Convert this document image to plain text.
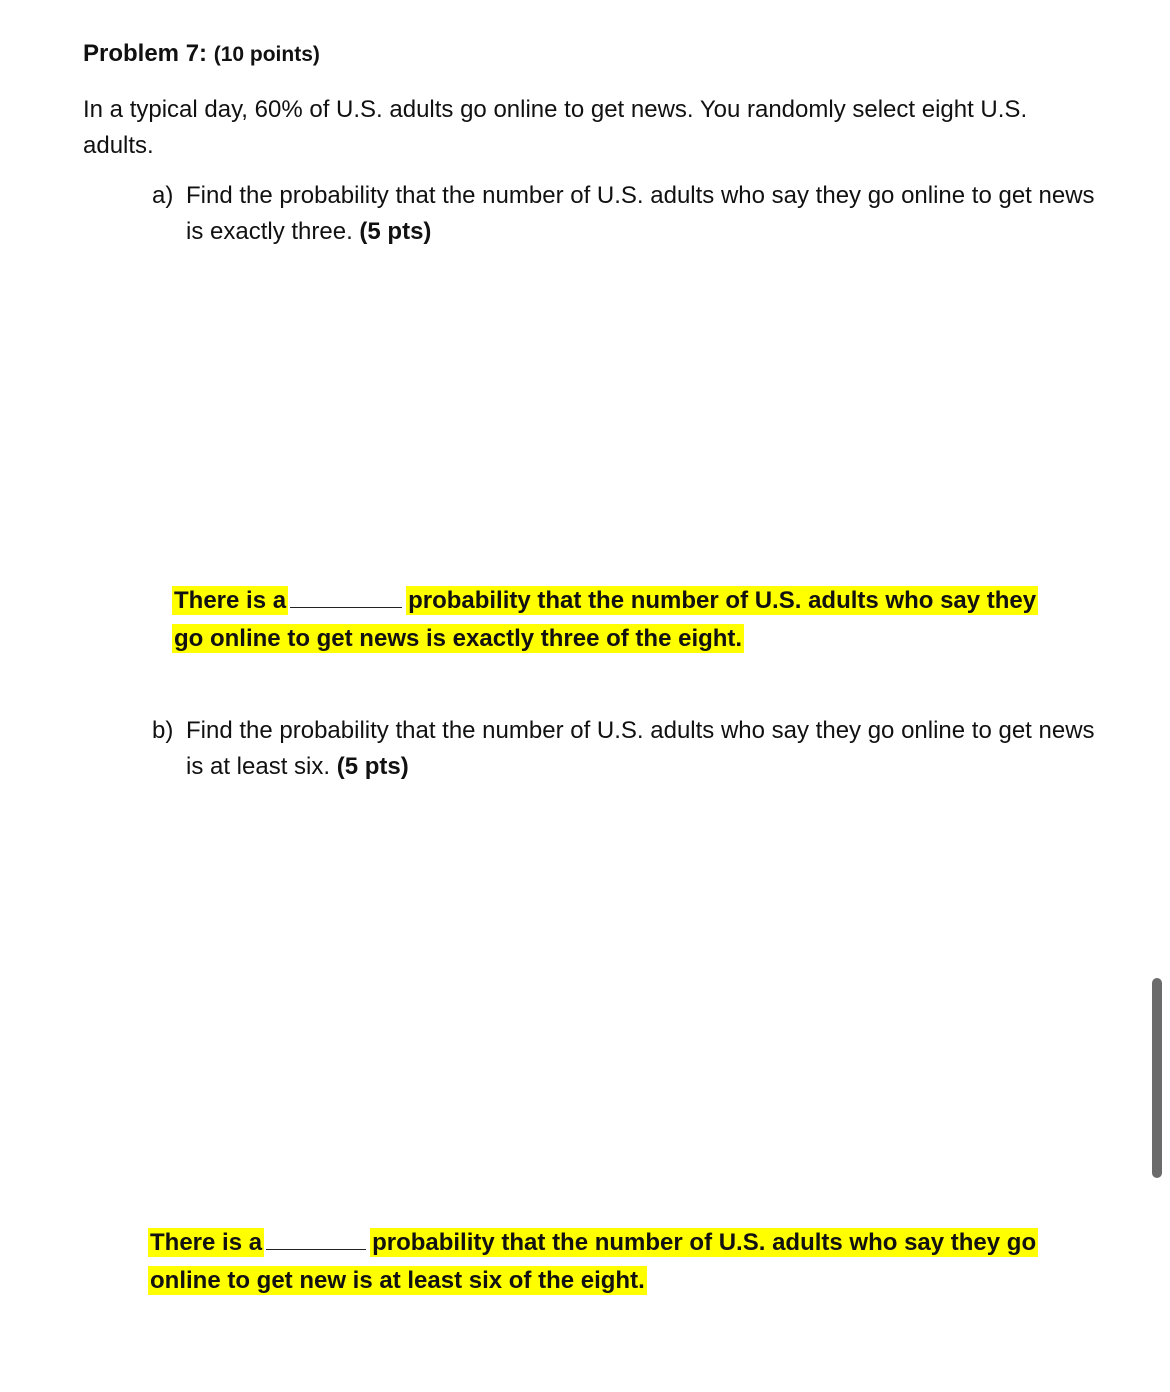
Problem 7: (10 points)
In a typical day, 60% of U.S. adults go online to get news. You randomly select eight U.S. adults.
a) Find the probability that the number of U.S. adults who say they go online to get news is exactly three. (5 pts)
There is a	probability that the number of U.S. adults who say they
go online to get news is exactly three of the eight.
b) Find the probability that the number of U.S. adults who say they go online to get news is at least six. (5 pts)
There is a	probability that the number of U.S. adults who say they go
online to get new is at least six of the eight.
